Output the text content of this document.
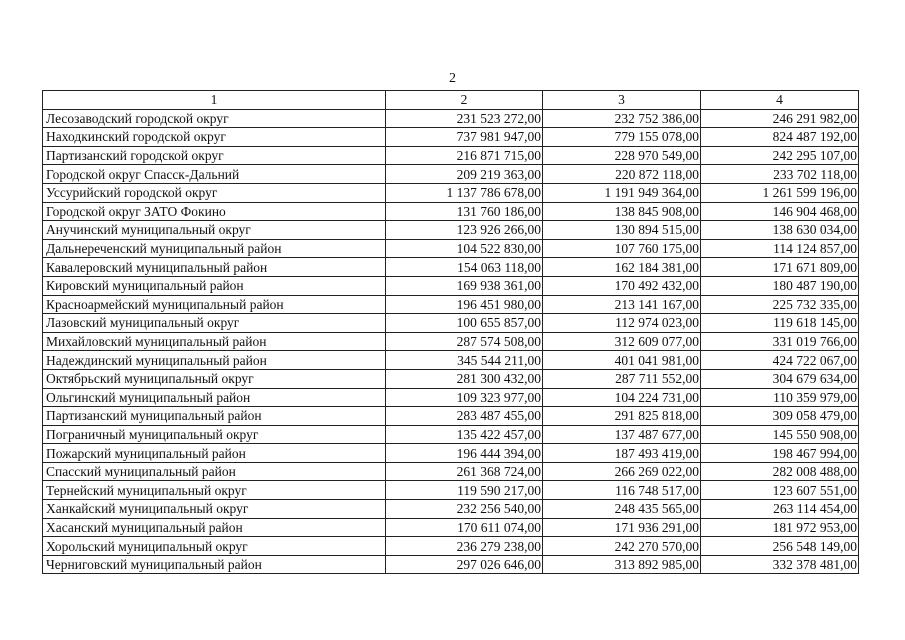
2
1	2	3	4
Лесозаводский городской округ	231 523 272,00	232 752 386,00	246 291 982,00
Находкинский городской округ	737 981 947,00	779 155 078,00	824 487 192,00
Партизанский городской округ	216 871 715,00	228 970 549,00	242 295 107,00
Городской округ Спасск-Дальний	209 219 363,00	220 872 118,00	233 702 118,00
Уссурийский городской округ	1 137 786 678,00	1 191 949 364,00	1 261 599 196,00
Городской округ ЗАТО Фокино	131 760 186,00	138 845 908,00	146 904 468,00
Анучинский муниципальный округ	123 926 266,00	130 894 515,00	138 630 034,00
Дальнереченский муниципальный район	104 522 830,00	107 760 175,00	114 124 857,00
Кавалеровский муниципальный район	154 063 118,00	162 184 381,00	171 671 809,00
Кировский муниципальный район	169 938 361,00	170 492 432,00	180 487 190,00
Красноармейский муниципальный район	196 451 980,00	213 141 167,00	225 732 335,00
Лазовский муниципальный округ	100 655 857,00	112 974 023,00	119 618 145,00
Михайловский муниципальный район	287 574 508,00	312 609 077,00	331 019 766,00
Надеждинский муниципальный район	345 544 211,00	401 041 981,00	424 722 067,00
Октябрьский муниципальный округ	281 300 432,00	287 711 552,00	304 679 634,00
Ольгинский муниципальный район	109 323 977,00	104 224 731,00	110 359 979,00
Партизанский муниципальный район	283 487 455,00	291 825 818,00	309 058 479,00
Пограничный муниципальный округ	135 422 457,00	137 487 677,00	145 550 908,00
Пожарский муниципальный район	196 444 394,00	187 493 419,00	198 467 994,00
Спасский муниципальный район	261 368 724,00	266 269 022,00	282 008 488,00
Тернейский муниципальный округ	119 590 217,00	116 748 517,00	123 607 551,00
Ханкайский муниципальный округ	232 256 540,00	248 435 565,00	263 114 454,00
Хасанский муниципальный район	170 611 074,00	171 936 291,00	181 972 953,00
Хорольский муниципальный округ	236 279 238,00	242 270 570,00	256 548 149,00
Черниговский муниципальный район	297 026 646,00	313 892 985,00	332 378 481,00
